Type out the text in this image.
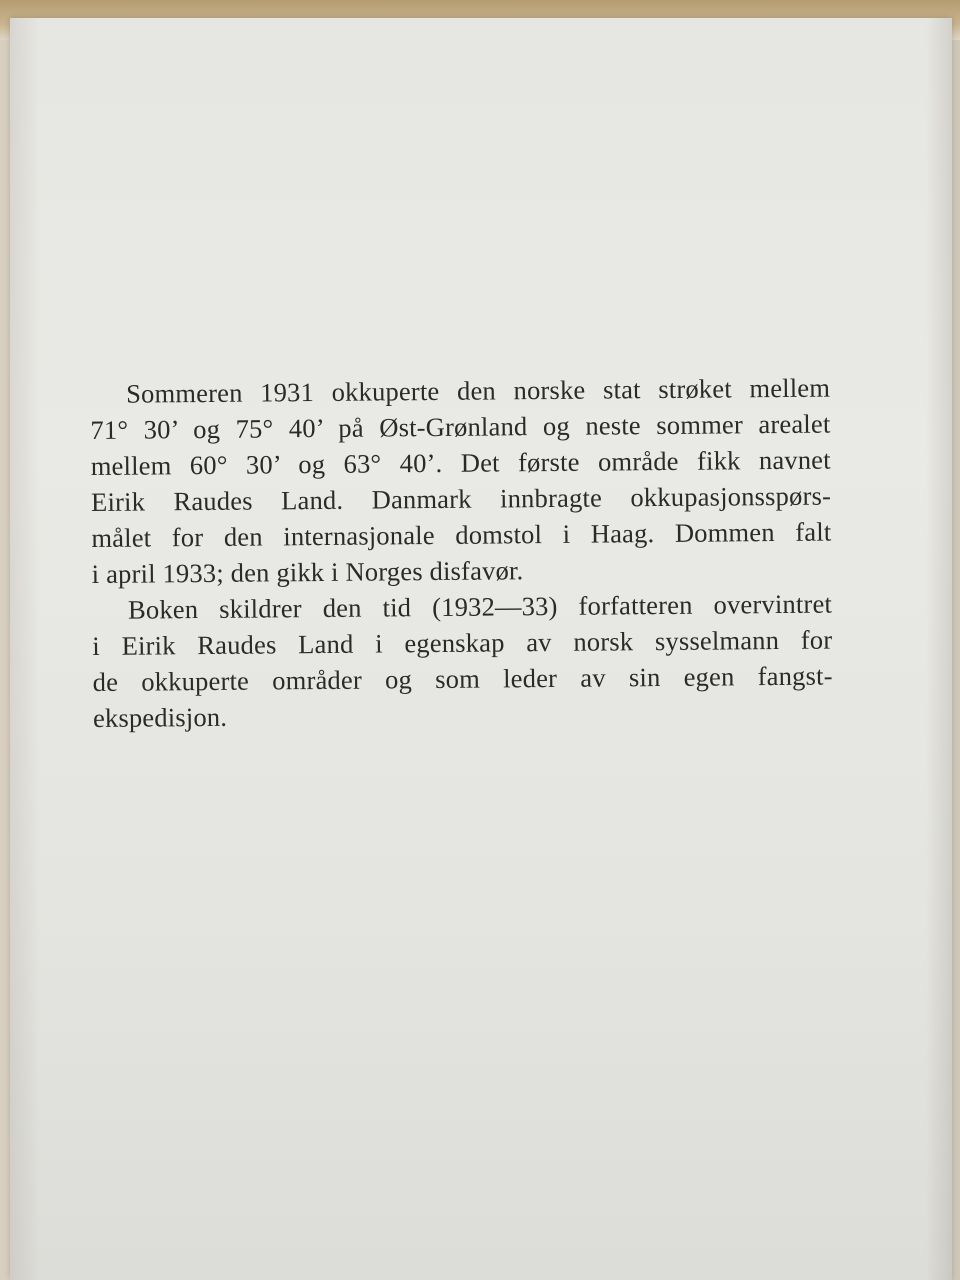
Sommeren 1931 okkuperte den norske stat strøket mellem
71° 30’ og 75° 40’ på Øst-Grønland og neste sommer arealet
mellem 60° 30’ og 63° 40’. Det første område fikk navnet
Eirik Raudes Land. Danmark innbragte okkupasjonsspørs-
målet for den internasjonale domstol i Haag. Dommen falt
i april 1933; den gikk i Norges disfavør.
Boken skildrer den tid (1932—33) forfatteren overvintret
i Eirik Raudes Land i egenskap av norsk sysselmann for
de okkuperte områder og som leder av sin egen fangst-
ekspedisjon.
